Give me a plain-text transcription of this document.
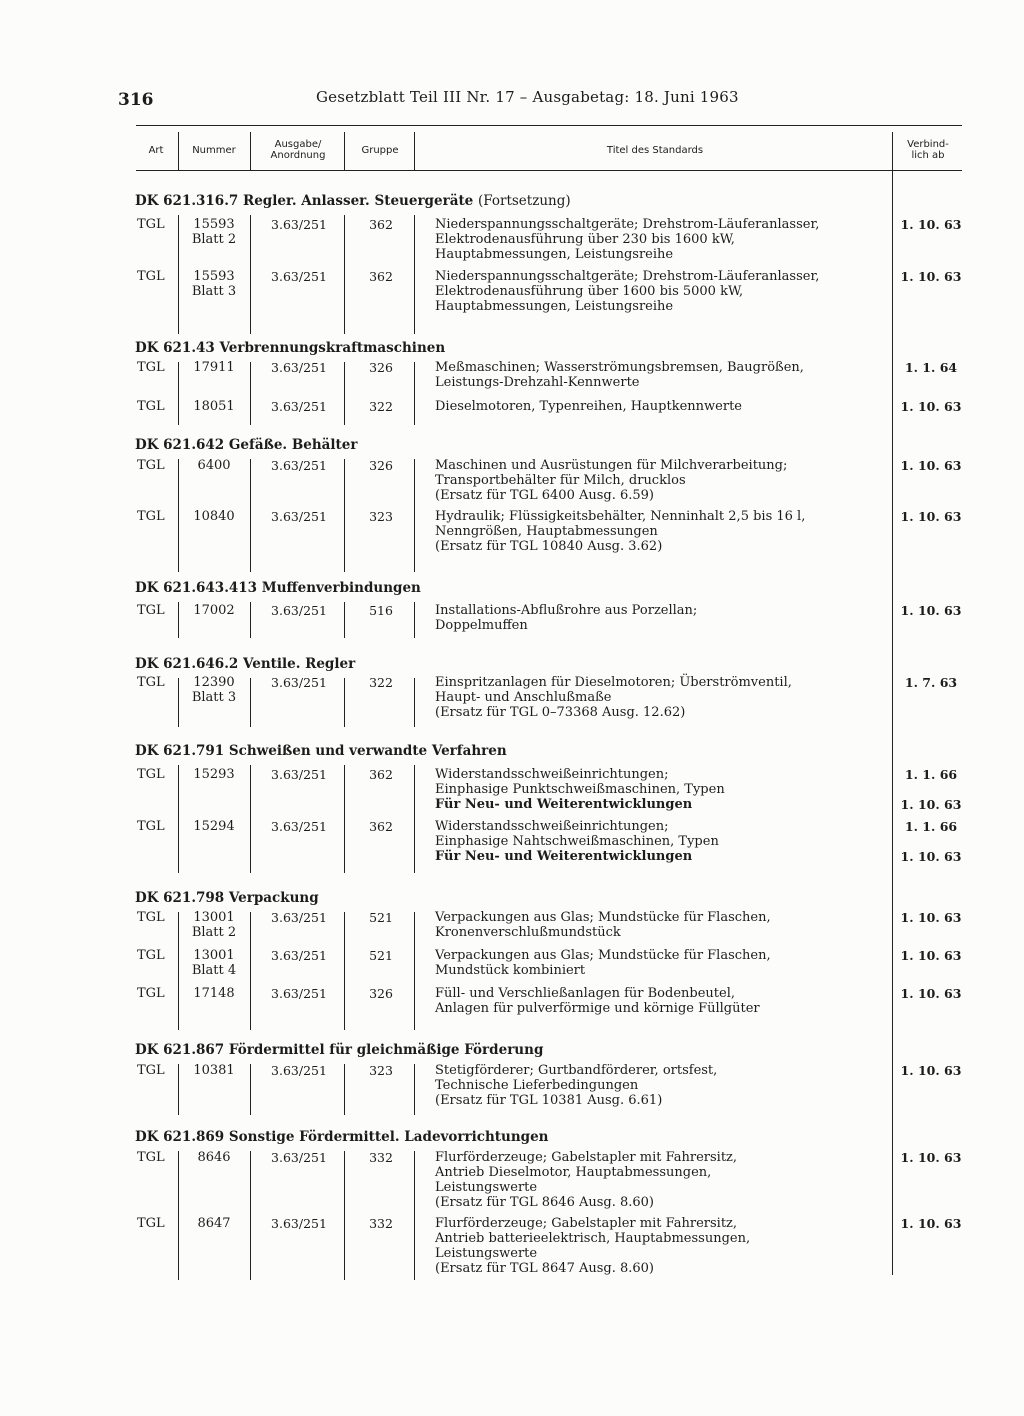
316	Gesetzblatt Teil III Nr. 17 – Ausgabetag: 18. Juni 1963
Art	Nummer	Ausgabe/
Anordnung	Gruppe	Titel des Standards	Verbind-
lich ab
DK 621.316.7 Regler. Anlasser. Steuergeräte (Fortsetzung)
TGL	15593
Blatt 2
3.63/251	362	Niederspannungsschaltgeräte; Drehstrom-Läuferanlasser,
Elektrodenausführung über 230 bis 1600 kW,
Hauptabmessungen, Leistungsreihe
1. 10. 63
TGL	15593
Blatt 3
3.63/251	362	Niederspannungsschaltgeräte; Drehstrom-Läuferanlasser,
Elektrodenausführung über 1600 bis 5000 kW,
Hauptabmessungen, Leistungsreihe
1. 10. 63
DK 621.43 Verbrennungskraftmaschinen
TGL	17911	3.63/251	326	Meßmaschinen; Wasserströmungsbremsen, Baugrößen,
Leistungs-Drehzahl-Kennwerte
1. 1. 64
TGL	18051	3.63/251	322	Dieselmotoren, Typenreihen, Hauptkennwerte	1. 10. 63
DK 621.642 Gefäße. Behälter
TGL	6400	3.63/251	326	Maschinen und Ausrüstungen für Milchverarbeitung;
Transportbehälter für Milch, drucklos
(Ersatz für TGL 6400 Ausg. 6.59)
1. 10. 63
TGL	10840	3.63/251	323	Hydraulik; Flüssigkeitsbehälter, Nenninhalt 2,5 bis 16 l,
Nenngrößen, Hauptabmessungen
(Ersatz für TGL 10840 Ausg. 3.62)
1. 10. 63
DK 621.643.413 Muffenverbindungen
TGL	17002	3.63/251	516	Installations-Abflußrohre aus Porzellan;
Doppelmuffen
1. 10. 63
DK 621.646.2 Ventile. Regler
TGL	12390
Blatt 3
3.63/251	322	Einspritzanlagen für Dieselmotoren; Überströmventil,
Haupt- und Anschlußmaße
(Ersatz für TGL 0–73368 Ausg. 12.62)
1. 7. 63
DK 621.791 Schweißen und verwandte Verfahren
TGL	15293	3.63/251	362	Widerstandsschweißeinrichtungen;
Einphasige Punktschweißmaschinen, Typen
Für Neu- und Weiterentwicklungen
1. 1. 66
1. 10. 63
TGL	15294	3.63/251	362	Widerstandsschweißeinrichtungen;
Einphasige Nahtschweißmaschinen, Typen
Für Neu- und Weiterentwicklungen
1. 1. 66
1. 10. 63
DK 621.798 Verpackung
TGL	13001
Blatt 2
3.63/251	521	Verpackungen aus Glas; Mundstücke für Flaschen,
Kronenverschlußmundstück
1. 10. 63
TGL	13001
Blatt 4
3.63/251	521	Verpackungen aus Glas; Mundstücke für Flaschen,
Mundstück kombiniert
1. 10. 63
TGL	17148	3.63/251	326	Füll- und Verschließanlagen für Bodenbeutel,
Anlagen für pulverförmige und körnige Füllgüter
1. 10. 63
DK 621.867 Fördermittel für gleichmäßige Förderung
TGL	10381	3.63/251	323	Stetigförderer; Gurtbandförderer, ortsfest,
Technische Lieferbedingungen
(Ersatz für TGL 10381 Ausg. 6.61)
1. 10. 63
DK 621.869 Sonstige Fördermittel. Ladevorrichtungen
TGL	8646	3.63/251	332	Flurförderzeuge; Gabelstapler mit Fahrersitz,
Antrieb Dieselmotor, Hauptabmessungen,
Leistungswerte
(Ersatz für TGL 8646 Ausg. 8.60)
1. 10. 63
TGL	8647	3.63/251	332	Flurförderzeuge; Gabelstapler mit Fahrersitz,
Antrieb batterieelektrisch, Hauptabmessungen,
Leistungswerte
(Ersatz für TGL 8647 Ausg. 8.60)
1. 10. 63
